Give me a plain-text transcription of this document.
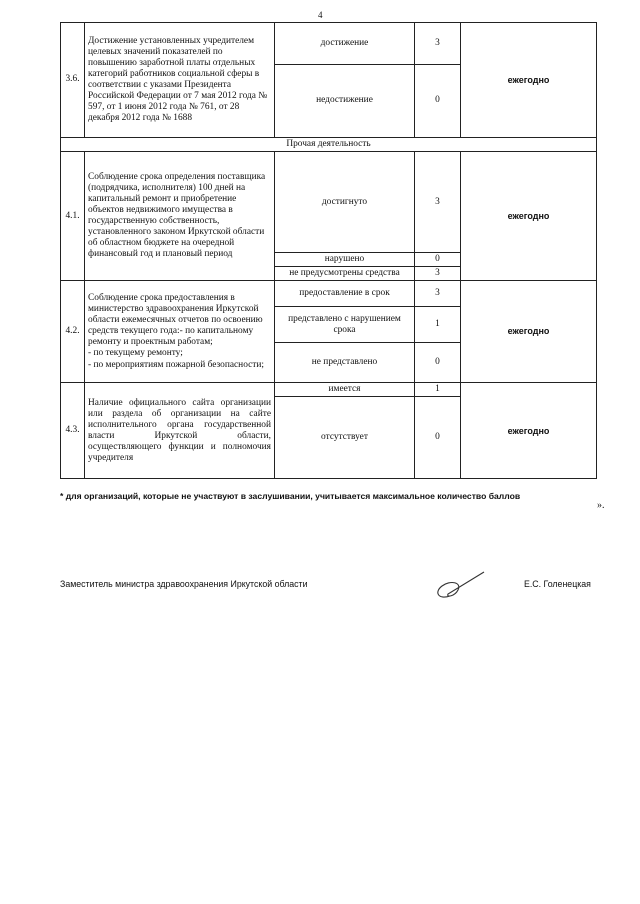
4
3.6.	Достижение установленных учредителем целевых значений показателей по повышению заработной платы отдельных категорий работников социальной сферы в соответствии с указами Президента Российской Федерации от 7 мая 2012 года № 597, от 1 июня 2012 года № 761, от 28 декабря 2012 года № 1688	достижение	3	ежегодно
		недостижение	0	
Прочая деятельность				
4.1.	Соблюдение срока определения поставщика (подрядчика, исполнителя) 100 дней на капитальный ремонт и приобретение объектов недвижимого имущества в государственную собственность, установленного законом Иркутской области об областном бюджете на очередной финансовый год и плановый период	достигнуто	3	ежегодно
		нарушено	0	
		не предусмотрены средства	3	
4.2.	Соблюдение срока предоставления в министерство здравоохранения Иркутской области ежемесячных отчетов по освоению средств текущего года:- по капитальному ремонту и проектным работам;
- по текущему ремонту;
- по мероприятиям пожарной безопасности;	предоставление в срок	3	ежегодно
		представлено с нарушением срока	1	
		не представлено	0	
4.3.	Наличие официального сайта организации или раздела об организации на сайте исполнительного органа государственной власти Иркутской области, осуществляющего функции и полномочия учредителя	имеется	1	ежегодно
		отсутствует	0	
* для организаций, которые не участвуют в заслушивании, учитывается максимальное количество баллов
».
Заместитель министра здравоохранения Иркутской области	Е.С. Голенецкая
